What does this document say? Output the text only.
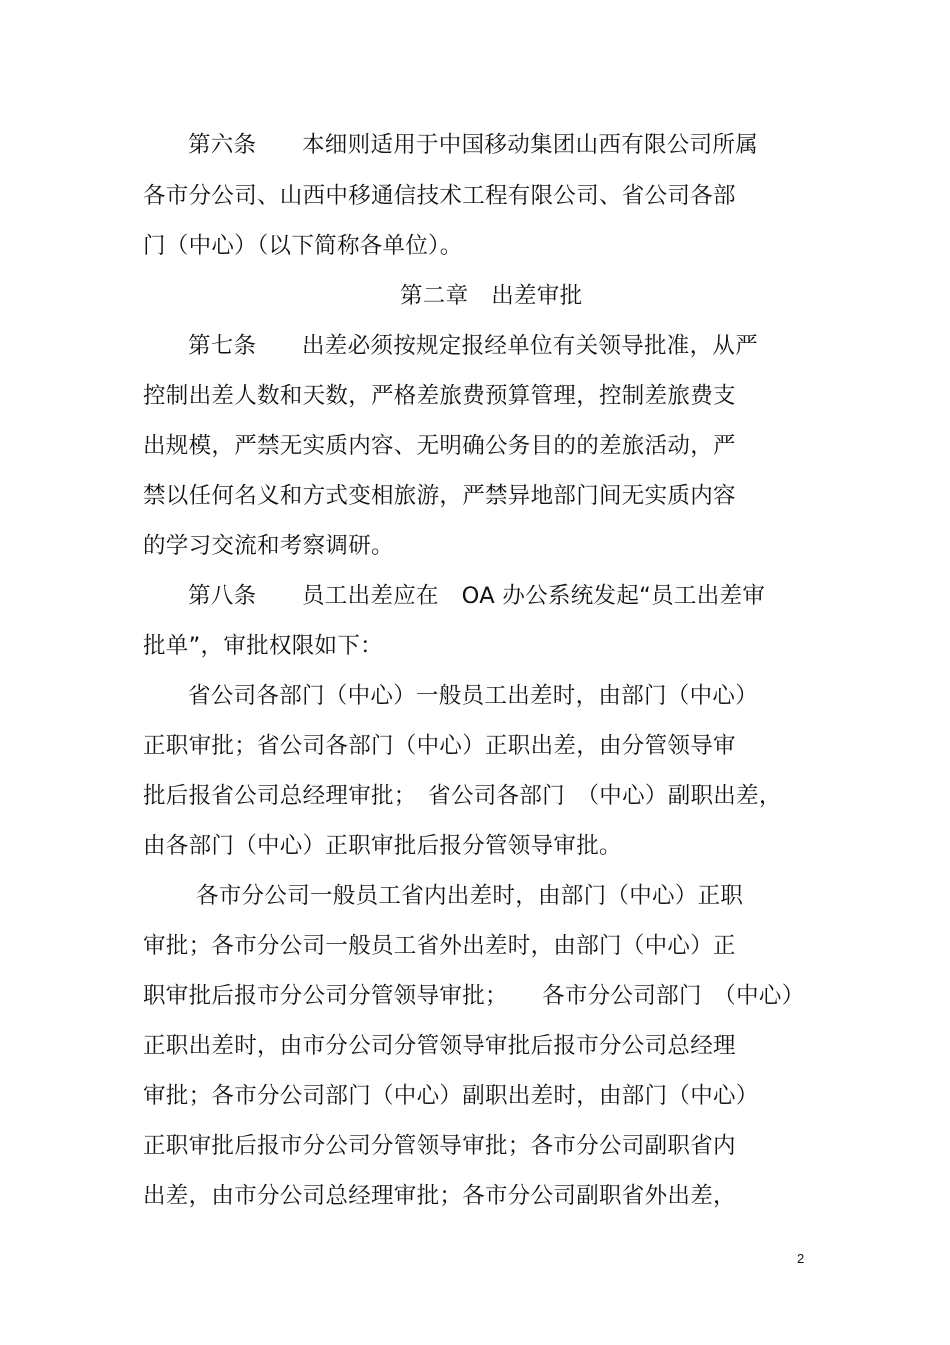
第六条　　本细则适用于中国移动集团山西有限公司所属
各市分公司、山西中移通信技术工程有限公司、省公司各部
门（中心）（以下简称各单位）。
第二章　出差审批
第七条　　出差必须按规定报经单位有关领导批准，从严
控制出差人数和天数，严格差旅费预算管理，控制差旅费支
出规模，严禁无实质内容、无明确公务目的的差旅活动，严
禁以任何名义和方式变相旅游，严禁异地部门间无实质内容
的学习交流和考察调研。
第八条　　员工出差应在　OA 办公系统发起“员工出差审
批单”，审批权限如下：
省公司各部门（中心）一般员工出差时，由部门（中心）
正职审批；省公司各部门（中心）正职出差，由分管领导审
批后报省公司总经理审批；　省公司各部门　（中心）副职出差，
由各部门（中心）正职审批后报分管领导审批。
各市分公司一般员工省内出差时，由部门（中心）正职
审批；各市分公司一般员工省外出差时，由部门（中心）正
职审批后报市分公司分管领导审批；　　各市分公司部门　（中心）
正职出差时，由市分公司分管领导审批后报市分公司总经理
审批；各市分公司部门（中心）副职出差时，由部门（中心）
正职审批后报市分公司分管领导审批；各市分公司副职省内
出差，由市分公司总经理审批；各市分公司副职省外出差，
2
